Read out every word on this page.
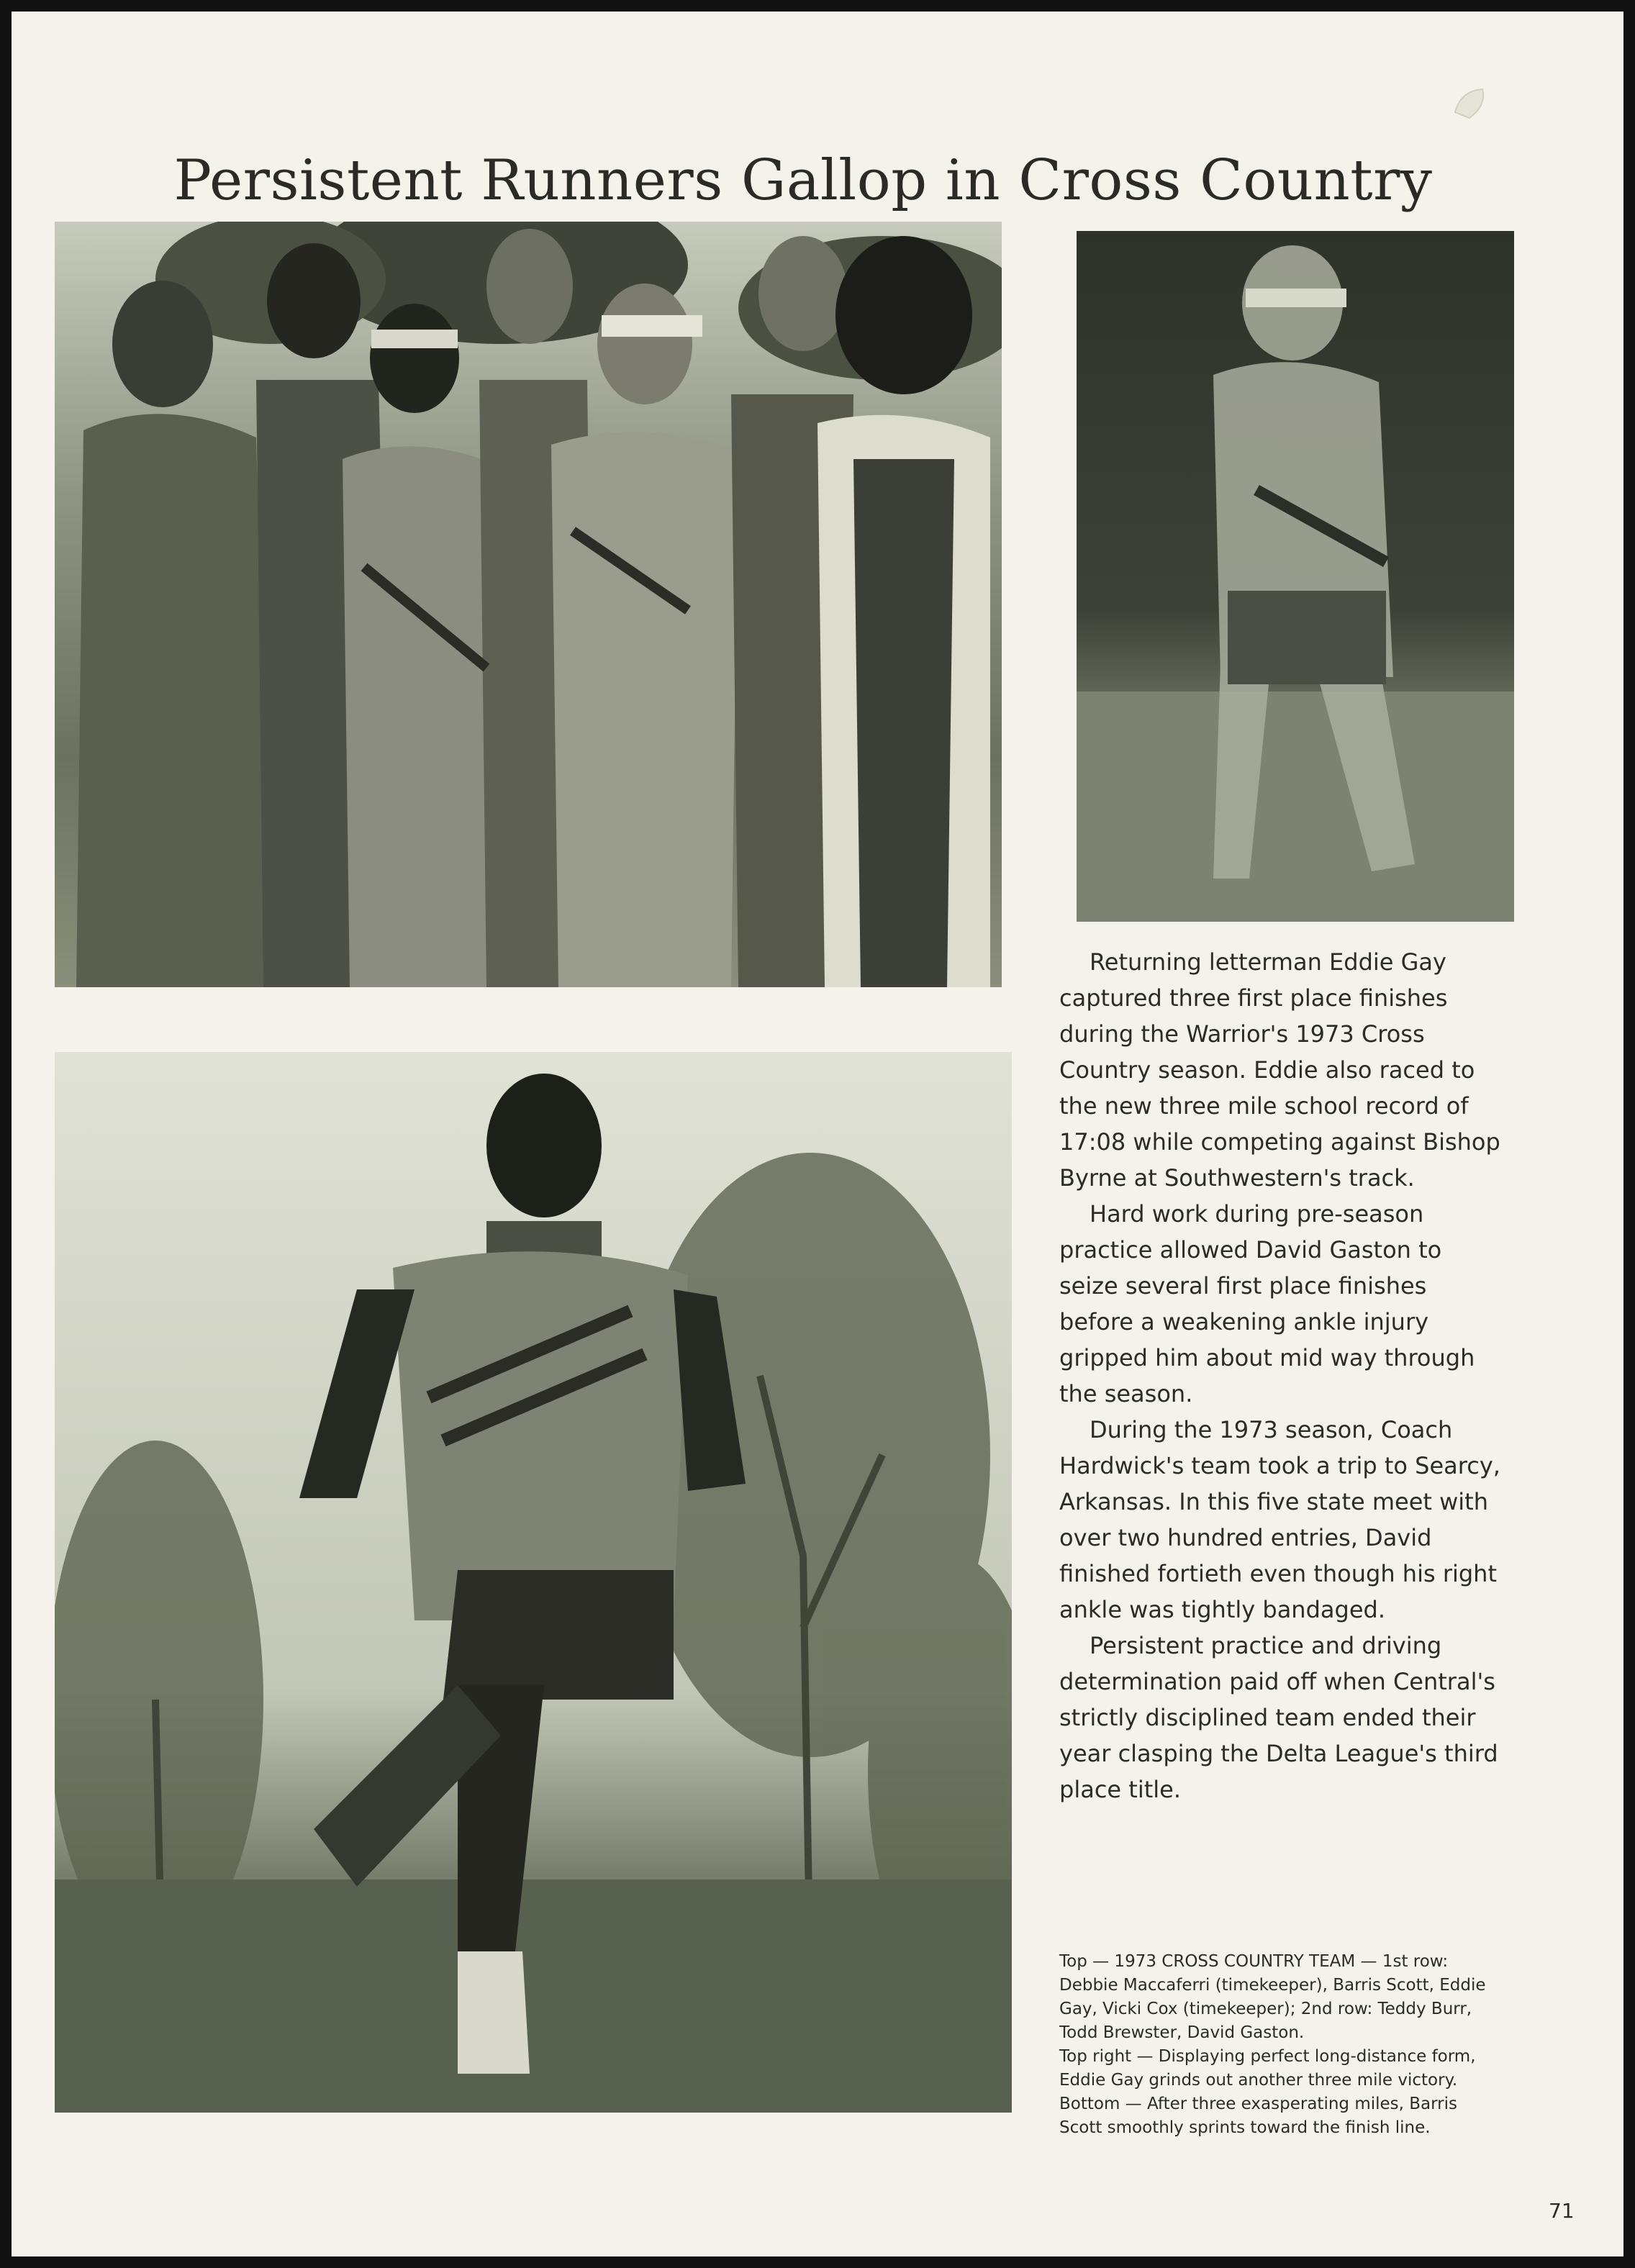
Persistent Runners Gallop in Cross Country

Returning letterman Eddie Gay captured three first place finishes during the Warrior's 1973 Cross Country season. Eddie also raced to the new three mile school record of 17:08 while competing against Bishop Byrne at Southwestern's track.

Hard work during pre-season practice allowed David Gaston to seize several first place finishes before a weakening ankle injury gripped him about mid way through the season.

During the 1973 season, Coach Hardwick's team took a trip to Searcy, Arkansas. In this five state meet with over two hundred entries, David finished fortieth even though his right ankle was tightly bandaged.

Persistent practice and driving determination paid off when Central's strictly disciplined team ended their year clasping the Delta League's third place title.

Top — 1973 CROSS COUNTRY TEAM — 1st row: Debbie Maccaferri (timekeeper), Barris Scott, Eddie Gay, Vicki Cox (timekeeper); 2nd row: Teddy Burr, Todd Brewster, David Gaston.

Top right — Displaying perfect long-distance form, Eddie Gay grinds out another three mile victory.

Bottom — After three exasperating miles, Barris Scott smoothly sprints toward the finish line.

71
